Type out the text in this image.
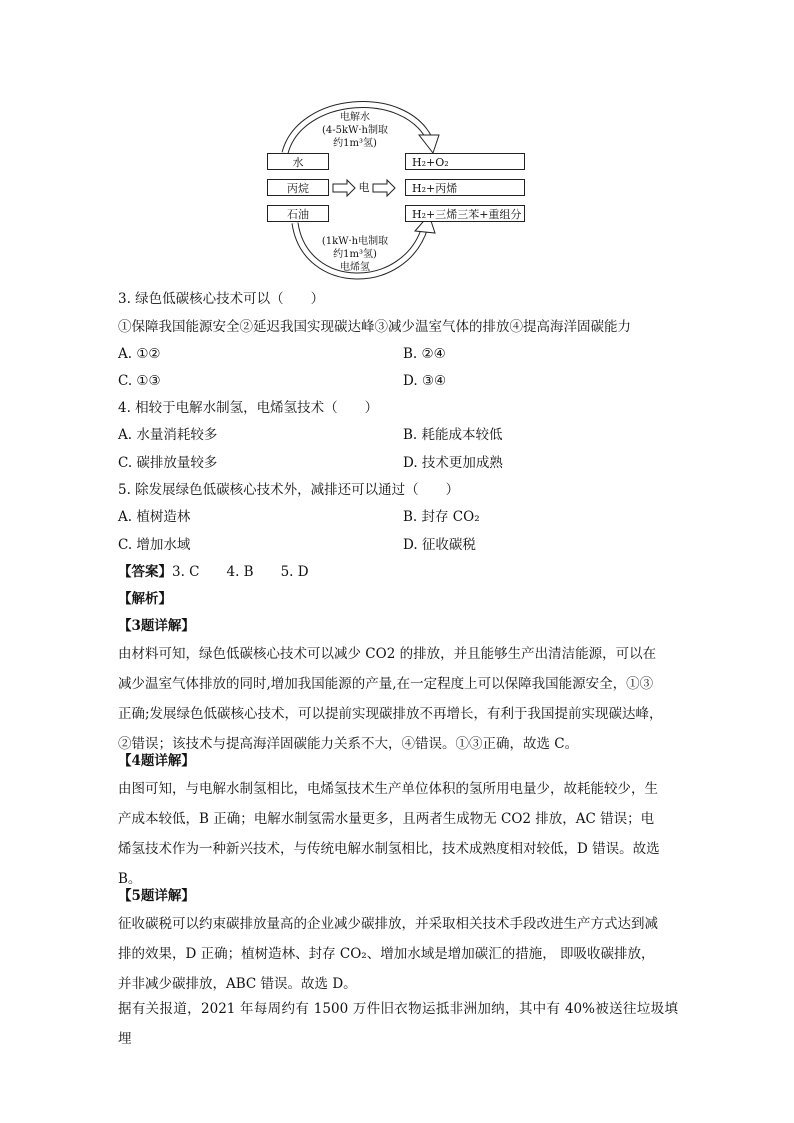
电解水
(4-5kW·h制取
约1m³氢)
水
丙烷
石油
电
H₂+O₂
H₂+丙烯
H₂+三烯三苯+重组分
(1kW·h电制取
约1m³氢)
电烯氢
3. 绿色低碳核心技术可以（　　）
①保障我国能源安全②延迟我国实现碳达峰③减少温室气体的排放④提高海洋固碳能力
A. ①②	B. ②④
C. ①③	D. ③④
4. 相较于电解水制氢，电烯氢技术（　　）
A. 水量消耗较多	B. 耗能成本较低
C. 碳排放量较多	D. 技术更加成熟
5. 除发展绿色低碳核心技术外，减排还可以通过（　　）
A. 植树造林	B. 封存 CO₂
C. 增加水域	D. 征收碳税
【答案】3. C　　4. B　　5. D
【解析】
【3题详解】
由材料可知，绿色低碳核心技术可以减少 CO2 的排放，并且能够生产出清洁能源，可以在
减少温室气体排放的同时,增加我国能源的产量,在一定程度上可以保障我国能源安全，①③
正确;发展绿色低碳核心技术，可以提前实现碳排放不再增长，有利于我国提前实现碳达峰，
②错误；该技术与提高海洋固碳能力关系不大，④错误。①③正确，故选 C。
【4题详解】
由图可知，与电解水制氢相比，电烯氢技术生产单位体积的氢所用电量少，故耗能较少，生
产成本较低，B 正确；电解水制氢需水量更多，且两者生成物无 CO2 排放，AC 错误；电
烯氢技术作为一种新兴技术，与传统电解水制氢相比，技术成熟度相对较低，D 错误。故选
B。
【5题详解】
征收碳税可以约束碳排放量高的企业减少碳排放，并采取相关技术手段改进生产方式达到减
排的效果，D 正确；植树造林、封存 CO₂、增加水域是增加碳汇的措施， 即吸收碳排放，
并非减少碳排放，ABC 错误。故选 D。
据有关报道，2021 年每周约有 1500 万件旧衣物运抵非洲加纳，其中有 40%被送往垃圾填埋
